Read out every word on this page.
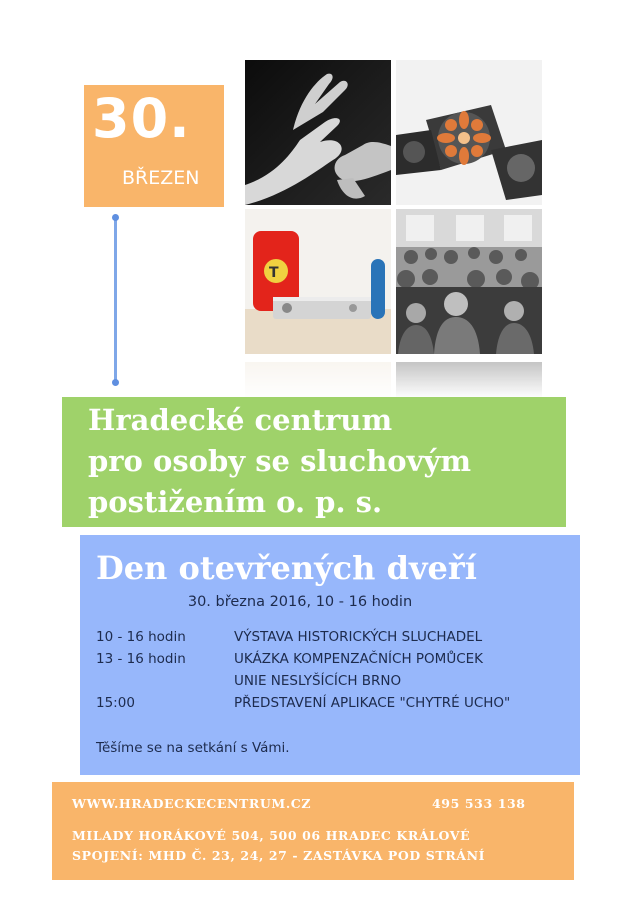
30.
BŘEZEN
T
Hradecké centrum
pro osoby se sluchovým
postižením o. p. s.
Den otevřených dveří
30. března 2016, 10 - 16 hodin
10 - 16 hodin	VÝSTAVA HISTORICKÝCH SLUCHADEL
13 - 16 hodin	UKÁZKA KOMPENZAČNÍCH POMŮCEK
UNIE NESLYŠÍCÍCH BRNO
15:00	PŘEDSTAVENÍ APLIKACE "CHYTRÉ UCHO"
Těšíme se na setkání s Vámi.
WWW.HRADECKECENTRUM.CZ	495 533 138
MILADY HORÁKOVÉ 504, 500 06 HRADEC KRÁLOVÉ
SPOJENÍ: MHD Č. 23, 24, 27 - ZASTÁVKA POD STRÁNÍ
